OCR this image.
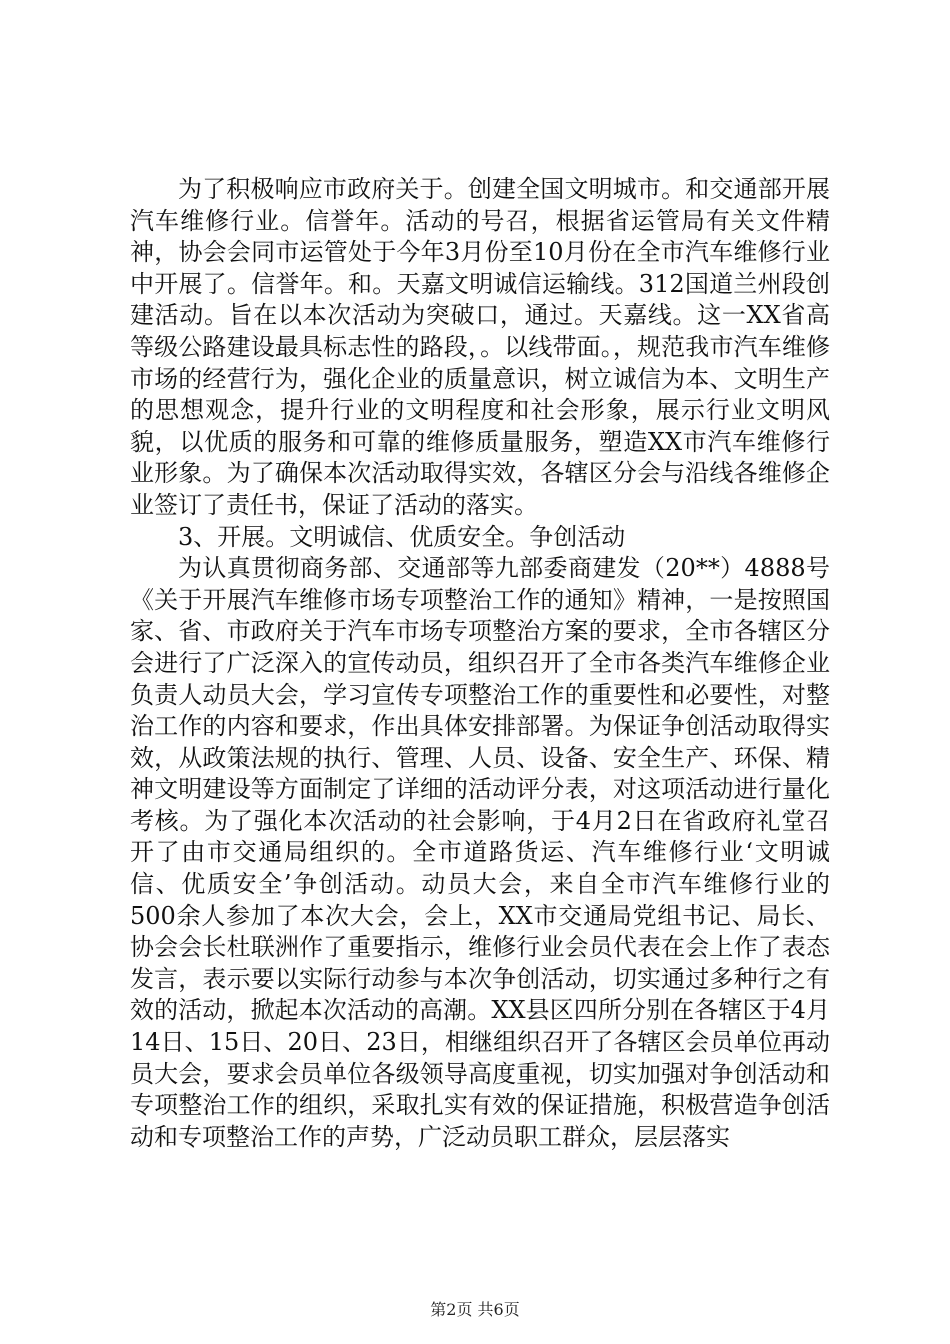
为了积极响应市政府关于。创建全国文明城市。和交通部开展汽车维修行业。信誉年。活动的号召，根据省运管局有关文件精神，协会会同市运管处于今年3月份至10月份在全市汽车维修行业中开展了。信誉年。和。天嘉文明诚信运输线。312国道兰州段创建活动。旨在以本次活动为突破口，通过。天嘉线。这一XX省高等级公路建设最具标志性的路段，。以线带面。，规范我市汽车维修市场的经营行为，强化企业的质量意识，树立诚信为本、文明生产的思想观念，提升行业的文明程度和社会形象，展示行业文明风貌，以优质的服务和可靠的维修质量服务，塑造XX市汽车维修行业形象。为了确保本次活动取得实效，各辖区分会与沿线各维修企业签订了责任书，保证了活动的落实。

3、开展。文明诚信、优质安全。争创活动

为认真贯彻商务部、交通部等九部委商建发（20**）4888号《关于开展汽车维修市场专项整治工作的通知》精神，一是按照国家、省、市政府关于汽车市场专项整治方案的要求，全市各辖区分会进行了广泛深入的宣传动员，组织召开了全市各类汽车维修企业负责人动员大会，学习宣传专项整治工作的重要性和必要性，对整治工作的内容和要求，作出具体安排部署。为保证争创活动取得实效，从政策法规的执行、管理、人员、设备、安全生产、环保、精神文明建设等方面制定了详细的活动评分表，对这项活动进行量化考核。为了强化本次活动的社会影响，于4月2日在省政府礼堂召开了由市交通局组织的。全市道路货运、汽车维修行业‘文明诚信、优质安全’争创活动。动员大会，来自全市汽车维修行业的500余人参加了本次大会，会上，XX市交通局党组书记、局长、协会会长杜联洲作了重要指示，维修行业会员代表在会上作了表态发言，表示要以实际行动参与本次争创活动，切实通过多种行之有效的活动，掀起本次活动的高潮。XX县区四所分别在各辖区于4月14日、15日、20日、23日，相继组织召开了各辖区会员单位再动员大会，要求会员单位各级领导高度重视，切实加强对争创活动和专项整治工作的组织，采取扎实有效的保证措施，积极营造争创活动和专项整治工作的声势，广泛动员职工群众，层层落实

第2页 共6页
